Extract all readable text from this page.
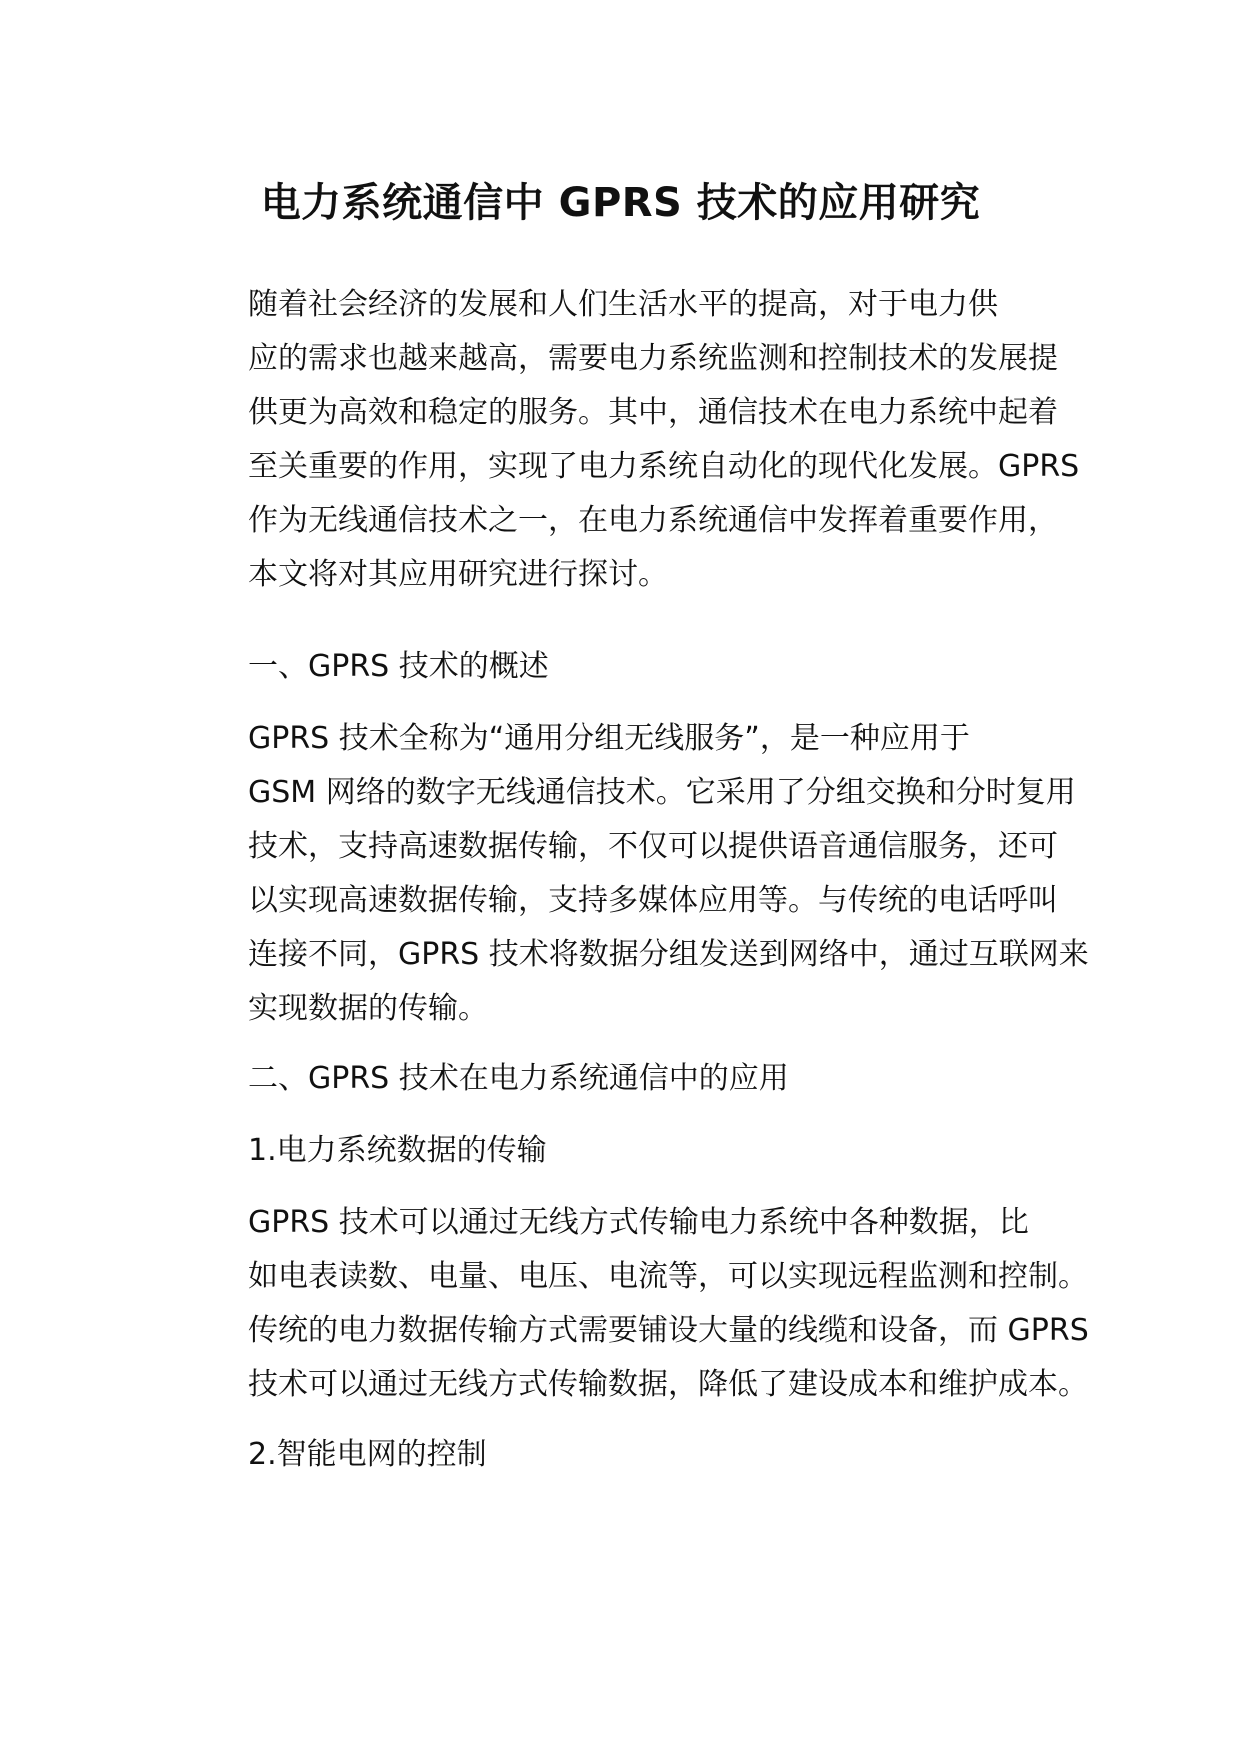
电力系统通信中 GPRS 技术的应用研究

随着社会经济的发展和人们生活水平的提高，对于电力供
应的需求也越来越高，需要电力系统监测和控制技术的发展提
供更为高效和稳定的服务。其中，通信技术在电力系统中起着
至关重要的作用，实现了电力系统自动化的现代化发展。GPRS
作为无线通信技术之一，在电力系统通信中发挥着重要作用，
本文将对其应用研究进行探讨。

一、GPRS 技术的概述

GPRS 技术全称为“通用分组无线服务”，是一种应用于
GSM 网络的数字无线通信技术。它采用了分组交换和分时复用
技术，支持高速数据传输，不仅可以提供语音通信服务，还可
以实现高速数据传输，支持多媒体应用等。与传统的电话呼叫
连接不同，GPRS 技术将数据分组发送到网络中，通过互联网来
实现数据的传输。

二、GPRS 技术在电力系统通信中的应用

1.电力系统数据的传输

GPRS 技术可以通过无线方式传输电力系统中各种数据，比
如电表读数、电量、电压、电流等，可以实现远程监测和控制。
传统的电力数据传输方式需要铺设大量的线缆和设备，而 GPRS
技术可以通过无线方式传输数据，降低了建设成本和维护成本。

2.智能电网的控制
